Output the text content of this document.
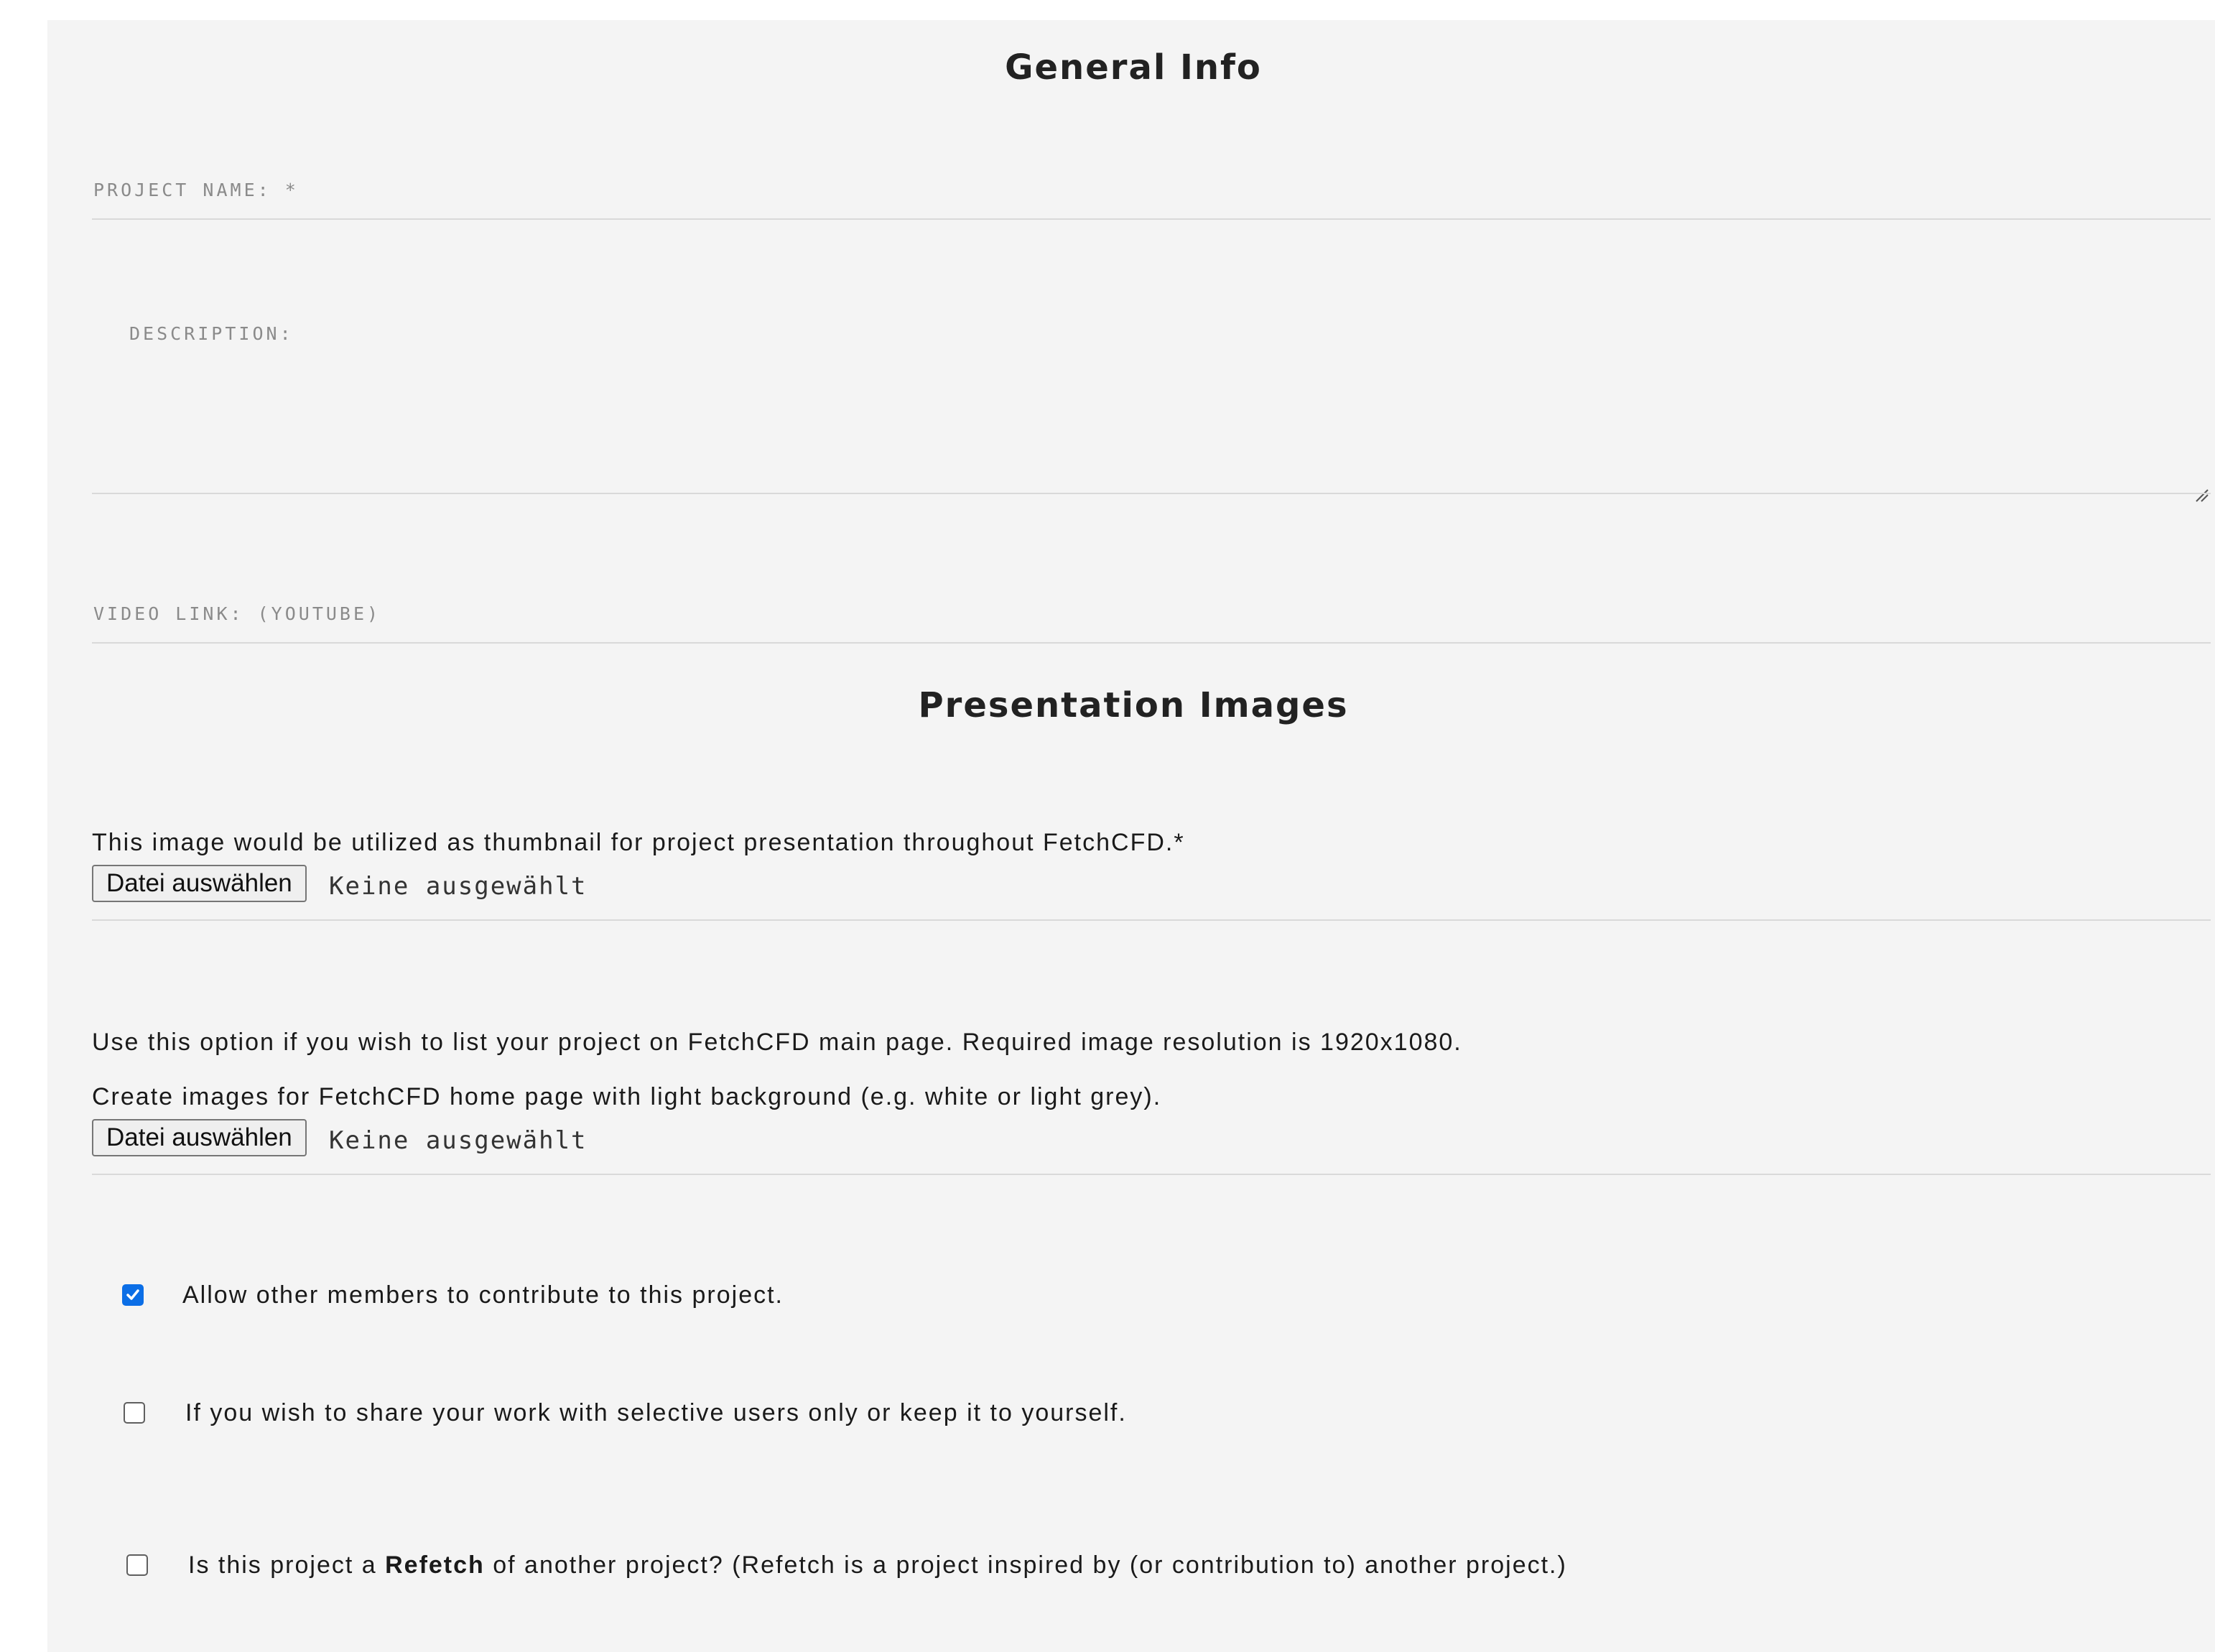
General Info
PROJECT NAME: *
DESCRIPTION:
VIDEO LINK: (YOUTUBE)
Presentation Images
This image would be utilized as thumbnail for project presentation throughout FetchCFD.*
Datei auswählen	Keine ausgewählt
Use this option if you wish to list your project on FetchCFD main page. Required image resolution is 1920x1080.
Create images for FetchCFD home page with light background (e.g. white or light grey).
Datei auswählen	Keine ausgewählt
Allow other members to contribute to this project.
If you wish to share your work with selective users only or keep it to yourself.
Is this project a Refetch of another project? (Refetch is a project inspired by (or contribution to) another project.)
